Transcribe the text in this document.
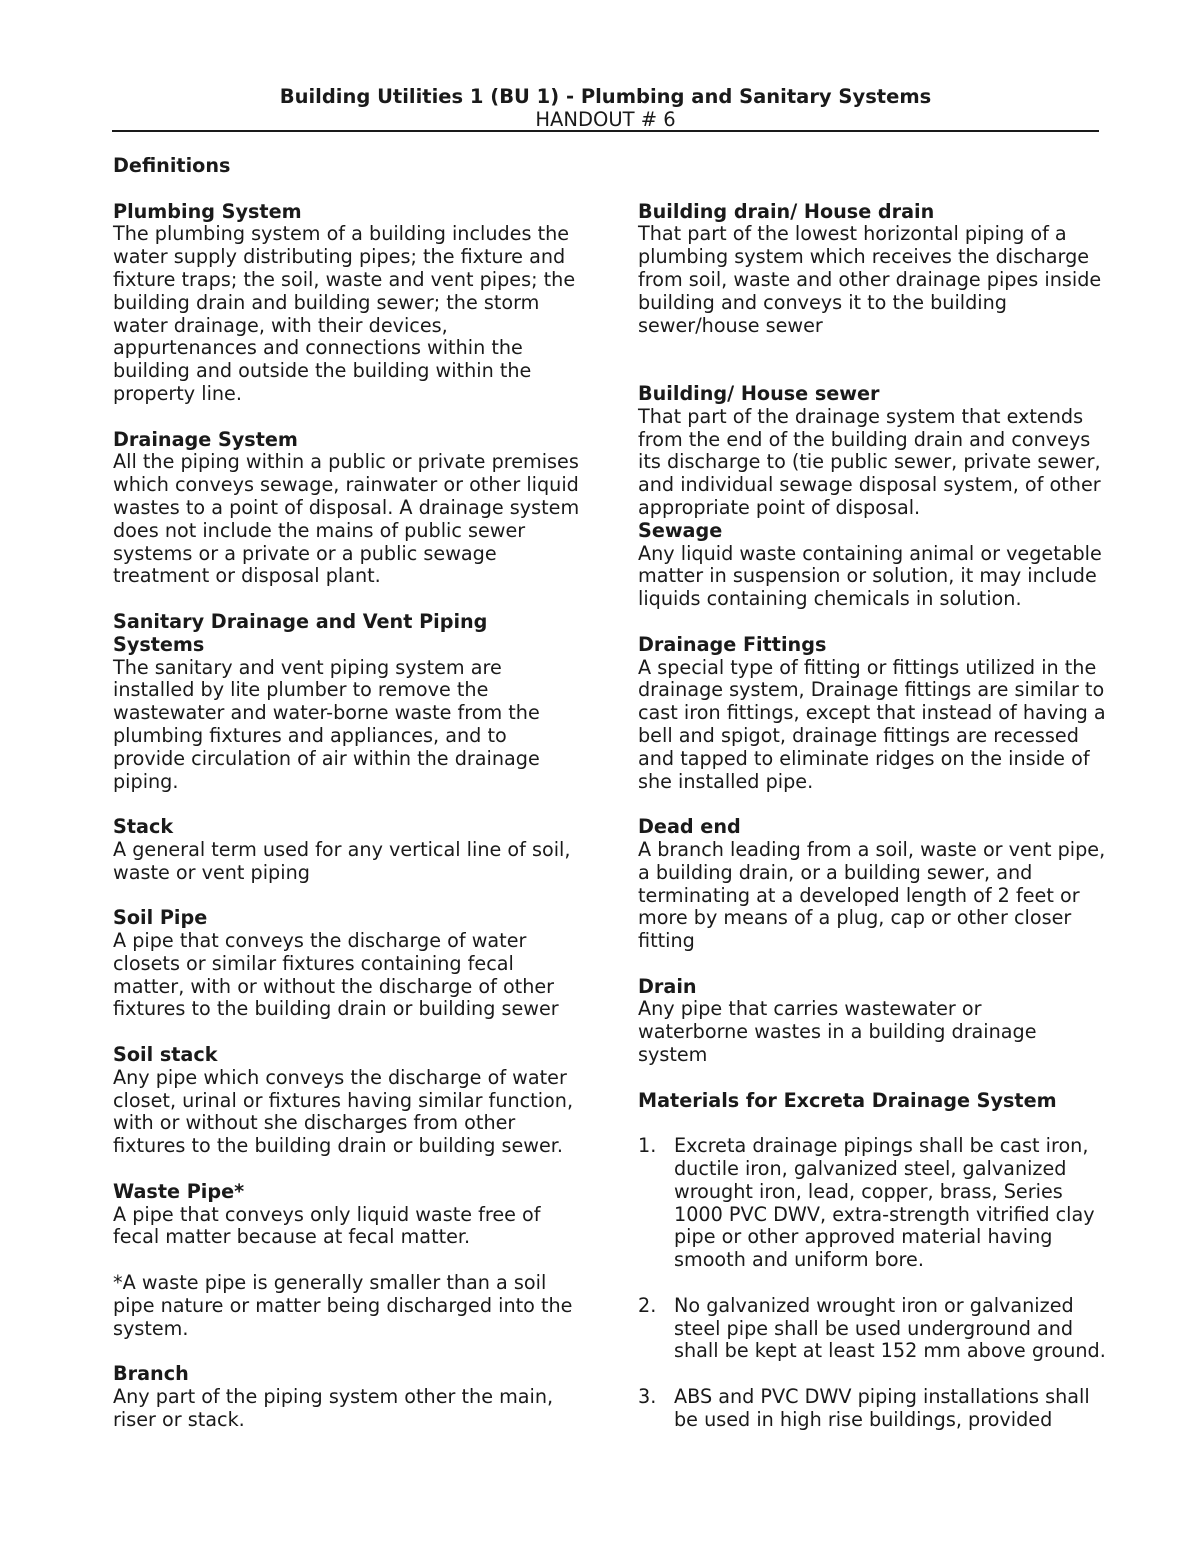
Building Utilities 1 (BU 1) - Plumbing and Sanitary Systems
HANDOUT # 6
Definitions
Plumbing System
The plumbing system of a building includes the water supply distributing pipes; the fixture and fixture traps; the soil, waste and vent pipes; the building drain and building sewer; the storm water drainage, with their devices, appurtenances and connections within the building and outside the building within the property line.
Drainage System
All the piping within a public or private premises which conveys sewage, rainwater or other liquid wastes to a point of disposal. A drainage system does not include the mains of public sewer systems or a private or a public sewage treatment or disposal plant.
Sanitary Drainage and Vent Piping Systems
The sanitary and vent piping system are installed by lite plumber to remove the wastewater and water-borne waste from the plumbing fixtures and appliances, and to provide circulation of air within the drainage piping.
Stack
A general term used for any vertical line of soil, waste or vent piping
Soil Pipe
A pipe that conveys the discharge of water closets or similar fixtures containing fecal matter, with or without the discharge of other fixtures to the building drain or building sewer
Soil stack
Any pipe which conveys the discharge of water closet, urinal or fixtures having similar function, with or without she discharges from other fixtures to the building drain or building sewer.
Waste Pipe*
A pipe that conveys only liquid waste free of fecal matter because at fecal matter.
*A waste pipe is generally smaller than a soil pipe nature or matter being discharged into the system.
Branch
Any part of the piping system other the main, riser or stack.
Building drain/ House drain
That part of the lowest horizontal piping of a plumbing system which receives the discharge from soil, waste and other drainage pipes inside building and conveys it to the building sewer/house sewer
Building/ House sewer
That part of the drainage system that extends from the end of the building drain and conveys its discharge to (tie public sewer, private sewer, and individual sewage disposal system, of other appropriate point of disposal.
Sewage
Any liquid waste containing animal or vegetable matter in suspension or solution, it may include liquids containing chemicals in solution.
Drainage Fittings
A special type of fitting or fittings utilized in the drainage system, Drainage fittings are similar to cast iron fittings, except that instead of having a bell and spigot, drainage fittings are recessed and tapped to eliminate ridges on the inside of she installed pipe.
Dead end
A branch leading from a soil, waste or vent pipe, a building drain, or a building sewer, and terminating at a developed length of 2 feet or more by means of a plug, cap or other closer fitting
Drain
Any pipe that carries wastewater or waterborne wastes in a building drainage system
Materials for Excreta Drainage System
1. Excreta drainage pipings shall be cast iron, ductile iron, galvanized steel, galvanized wrought iron, lead, copper, brass, Series 1000 PVC DWV, extra-strength vitrified clay pipe or other approved material having smooth and uniform bore.
2. No galvanized wrought iron or galvanized steel pipe shall be used underground and shall be kept at least 152 mm above ground.
3. ABS and PVC DWV piping installations shall be used in high rise buildings, provided
